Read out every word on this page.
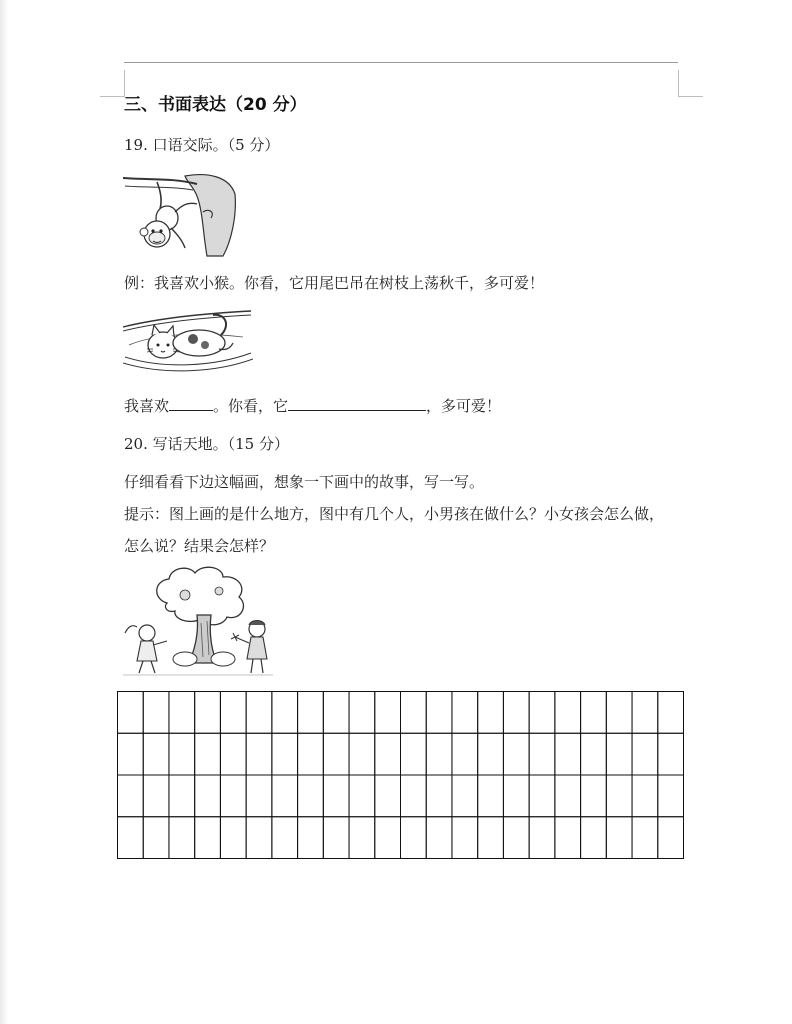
三、书面表达（20 分）
19. 口语交际。（5 分）
例：我喜欢小猴。你看，它用尾巴吊在树枝上荡秋千，多可爱！
我喜欢	。你看，它	，多可爱！
20. 写话天地。（15 分）
仔细看看下边这幅画，想象一下画中的故事，写一写。
提示：图上画的是什么地方，图中有几个人，小男孩在做什么？小女孩会怎么做，
怎么说？结果会怎样？
